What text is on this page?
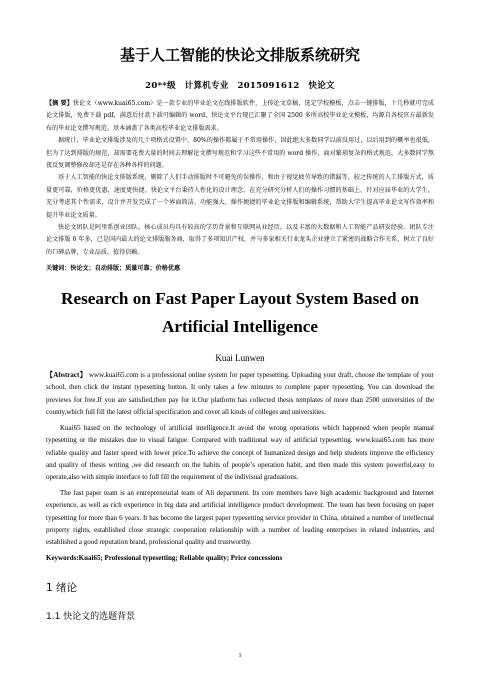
基于人工智能的快论文排版系统研究
20**级　计算机专业　2015091612　快论文

【摘 要】快论文（www.kuai65.com）是一款专业的毕业论文在线排版软件，上传论文草稿，选定学校模板，点击一键排版，十几秒就可完成论文排版，免费下载 pdf，满意后付款下载可编辑的 word，快论文平台现已汇聚了全国 2500 多所高校毕业论文模板，均源自各校官方最新发布的毕业论文撰写规范。基本涵盖了各类高校毕业论文排版需求。

据统计，毕业论文排版涉及的几十项格式设置中，80%的操作都属于不常用操作，因此绝大多数同学以前没用过，以后用到的概率也很低，但为了达到排版的规范，却需要花费大量的时间去理解论文撰写规范和学习这些不常用的 word 操作，面对繁琐复杂的格式规范，大多数同学熬夜反复调整修改却还是存在各种各样的问题。

基于人工智能的快论文排版系统，剔除了人们手动排版时不可避免的误操作，和由于视觉疲劳导致的错漏等，较之传统的人工排版方式，质量更可靠，价格更优惠，速度更快捷。快论文平台秉持人性化的设计理念，在充分研究分析人们的操作习惯的基础上，针对应届毕业的大学生，充分考虑其个性需求，设计并开发完成了一个界面简洁、功能强大、操作便捷的毕业论文排版和编辑系统，帮助大学生提高毕业论文写作效率和提升毕业论文质量。

快论文团队是阿里系创业团队，核心成员均具有较高的学历背景和互联网从业经历，以及丰富的大数据和人工智能产品研发经验。团队专注论文排版 6 年多，已是国内最大的论文排版服务商，取得了多项知识产权，并与多家相关行业龙头企业建立了紧密的战略合作关系，树立了良好的口碑品牌，专业品质，值得信赖。

关键词：快论文；自动排版；质量可靠；价格优惠
Research on Fast Paper Layout System Based on Artificial Intelligence
Kuai Lunwen

【Abstract】 www.kuai65.com is a professional online system for paper typesetting. Uploading your draft, choose the template of your school, then click the instant typesetting button. It only takes a few minutes to complete paper typesetting, You can download the previews for free.If you are satisfied,then pay for it.Our platform has collected thesis templates of more than 2500 universities of the county,which full fill the latest official specification and cover all kinds of colleges and universities.

Kuai65 based on the technology of artificial intelligence.It avoid the wrong operations which happened when people manual typesetting or the mistakes due to visual fatigue. Compared with traditional way of artificial typesetting. www.kuai65.com has more reliable quality and faster speed with lower price.To achieve the concept of humanized design and help students improve the efficiency and quality of thesis writing ,we did research on the habits of people’s operation habit, and then made this system powerful,easy to operate,also with simple interface to full fill the requirement of the indivisual graduations.

The fast paper team is an entrepreneurial team of Ali department. Its core members have high academic background and Internet experience, as well as rich experience in big data and artificial intelligence product development. The team has been focusing on paper typesetting for more than 6 years. It has become the largest paper typesetting service provider in China, obtained a number of intellectual property rights, established close strategic cooperation relationship with a number of leading enterprises in related industries, and established a good reputation brand, professional quality and trustworthy.

Keywords:Kuai65; Professional typesetting; Reliable quality; Price concessions
1 绪论
1.1 快论文的选题背景
1
